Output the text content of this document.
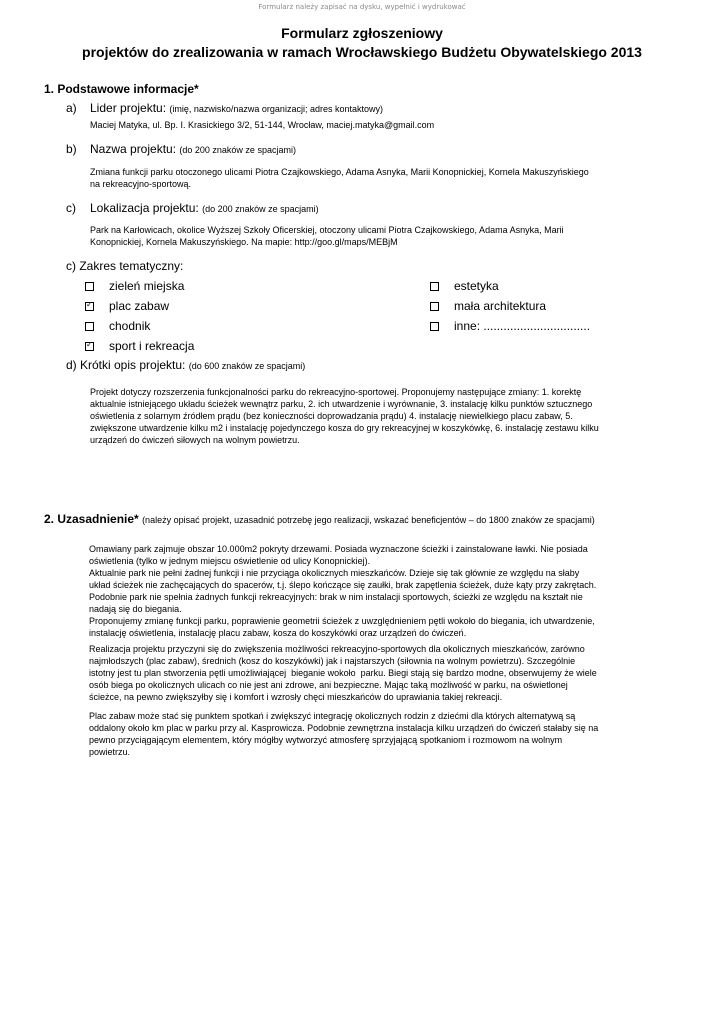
Formularz należy zapisać na dysku, wypełnić i wydrukować
Formularz zgłoszeniowy
projektów do zrealizowania w ramach Wrocławskiego Budżetu Obywatelskiego 2013
1. Podstawowe informacje*
a) Lider projektu: (imię, nazwisko/nazwa organizacji; adres kontaktowy)
Maciej Matyka, ul. Bp. I. Krasickiego 3/2, 51-144, Wrocław, maciej.matyka@gmail.com
b) Nazwa projektu: (do 200 znaków ze spacjami)
Zmiana funkcji parku otoczonego ulicami Piotra Czajkowskiego, Adama Asnyka, Marii Konopnickiej, Kornela Makuszyńskiego
na rekreacyjno-sportową.
c) Lokalizacja projektu: (do 200 znaków ze spacjami)
Park na Karłowicach, okolice Wyższej Szkoły Oficerskiej, otoczony ulicami Piotra Czajkowskiego, Adama Asnyka, Marii
Konopnickiej, Kornela Makuszyńskiego. Na mapie: http://goo.gl/maps/MEBjM
c) Zakres tematyczny:
zieleń miejska
✓
plac zabaw
chodnik
✓
sport i rekreacja
estetyka
mała architektura
inne: ................................
d) Krótki opis projektu: (do 600 znaków ze spacjami)
Projekt dotyczy rozszerzenia funkcjonalności parku do rekreacyjno-sportowej. Proponujemy następujące zmiany: 1. korektę
aktualnie istniejącego układu ścieżek wewnątrz parku, 2. ich utwardzenie i wyrównanie, 3. instalację kilku punktów sztucznego
oświetlenia z solarnym źródłem prądu (bez konieczności doprowadzania prądu) 4. instalację niewielkiego placu zabaw, 5.
zwiększone utwardzenie kilku m2 i instalację pojedynczego kosza do gry rekreacyjnej w koszykówkę, 6. instalację zestawu kilku
urządzeń do ćwiczeń siłowych na wolnym powietrzu.
2. Uzasadnienie* (należy opisać projekt, uzasadnić potrzebę jego realizacji, wskazać beneficjentów – do 1800 znaków ze spacjami)
Omawiany park zajmuje obszar 10.000m2 pokryty drzewami. Posiada wyznaczone ścieżki i zainstalowane ławki. Nie posiada
oświetlenia (tylko w jednym miejscu oświetlenie od ulicy Konopnickiej).
Aktualnie park nie pełni żadnej funkcji i nie przyciąga okolicznych mieszkańców. Dzieje się tak głównie ze względu na słaby
układ ścieżek nie zachęcających do spacerów, t.j. ślepo kończące się zaułki, brak zapętlenia ścieżek, duże kąty przy zakrętach.
Podobnie park nie spełnia żadnych funkcji rekreacyjnych: brak w nim instalacji sportowych, ścieżki ze względu na kształt nie
nadają się do biegania.
Proponujemy zmianę funkcji parku, poprawienie geometrii ścieżek z uwzględnieniem pętli wokoło do biegania, ich utwardzenie,
instalację oświetlenia, instalację placu zabaw, kosza do koszykówki oraz urządzeń do ćwiczeń.
Realizacja projektu przyczyni się do zwiększenia możliwości rekreacyjno-sportowych dla okolicznych mieszkańców, zarówno
najmłodszych (plac zabaw), średnich (kosz do koszykówki) jak i najstarszych (siłownia na wolnym powietrzu). Szczególnie
istotny jest tu plan stworzenia pętli umożliwiającej  bieganie wokoło  parku. Biegi stają się bardzo modne, obserwujemy że wiele
osób biega po okolicznych ulicach co nie jest ani zdrowe, ani bezpieczne. Mając taką możliwość w parku, na oświetlonej
ścieżce, na pewno zwiększyłby się i komfort i wzrosły chęci mieszkańców do uprawiania takiej rekreacji.
Plac zabaw może stać się punktem spotkań i zwiększyć integrację okolicznych rodzin z dziećmi dla których alternatywą są
oddalony około km plac w parku przy al. Kasprowicza. Podobnie zewnętrzna instalacja kilku urządzeń do ćwiczeń stałaby się na
pewno przyciągającym elementem, który mógłby wytworzyć atmosferę sprzyjającą spotkaniom i rozmowom na wolnym
powietrzu.
